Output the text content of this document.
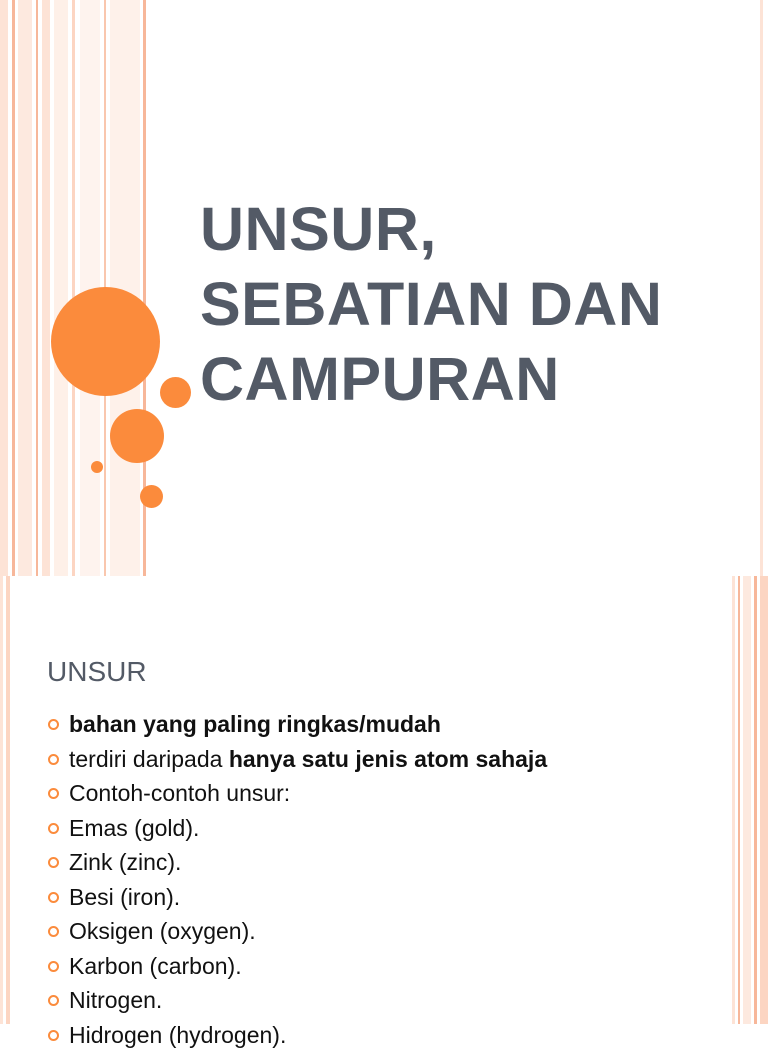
UNSUR,
SEBATIAN DAN
CAMPURAN
UNSUR
bahan yang paling ringkas/mudah
terdiri daripada hanya satu jenis atom sahaja
Contoh-contoh unsur:
Emas (gold).
Zink (zinc).
Besi (iron).
Oksigen (oxygen).
Karbon (carbon).
Nitrogen.
Hidrogen (hydrogen).
